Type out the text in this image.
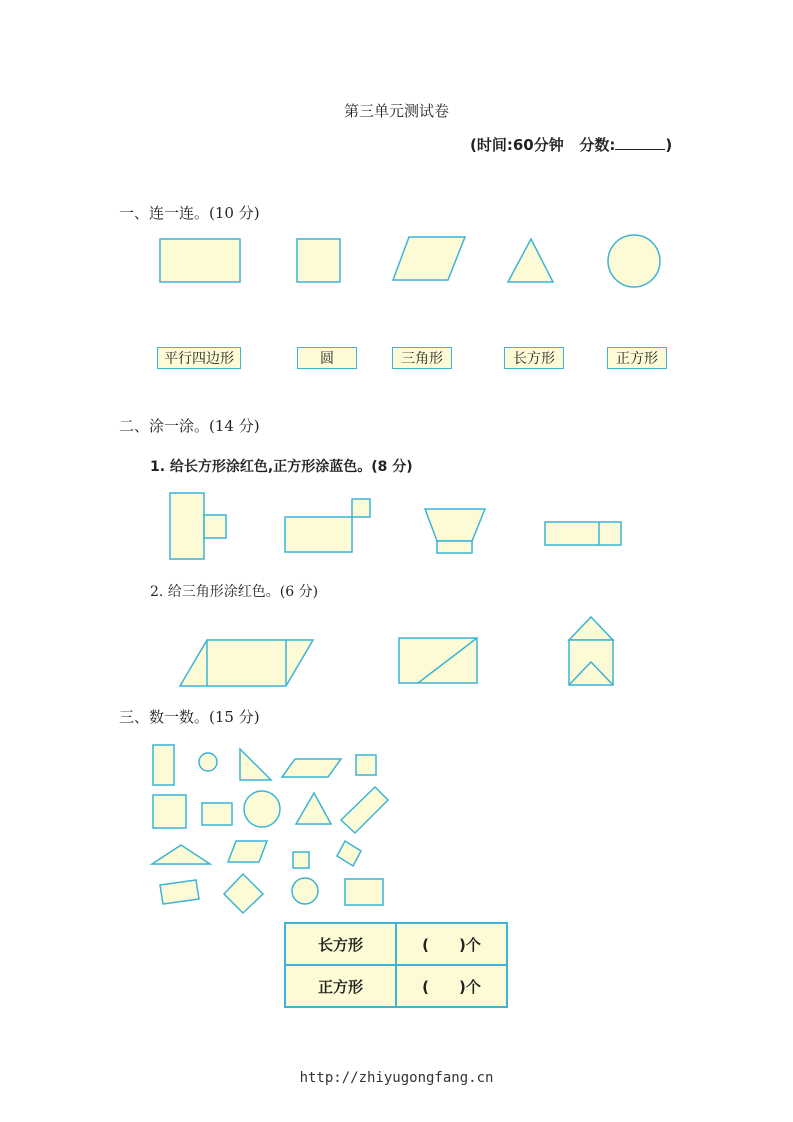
第三单元测试卷
(时间:60分钟 分数:	)
一、连一连。(10 分)
二、涂一涂。(14 分)
1. 给长方形涂红色,正方形涂蓝色。(8 分)
2. 给三角形涂红色。(6 分)
三、数一数。(15 分)
平行四边形	圆	三角形	长方形	正方形
长方形	(　　)个
正方形	(　　)个
http://zhiyugongfang.cn
